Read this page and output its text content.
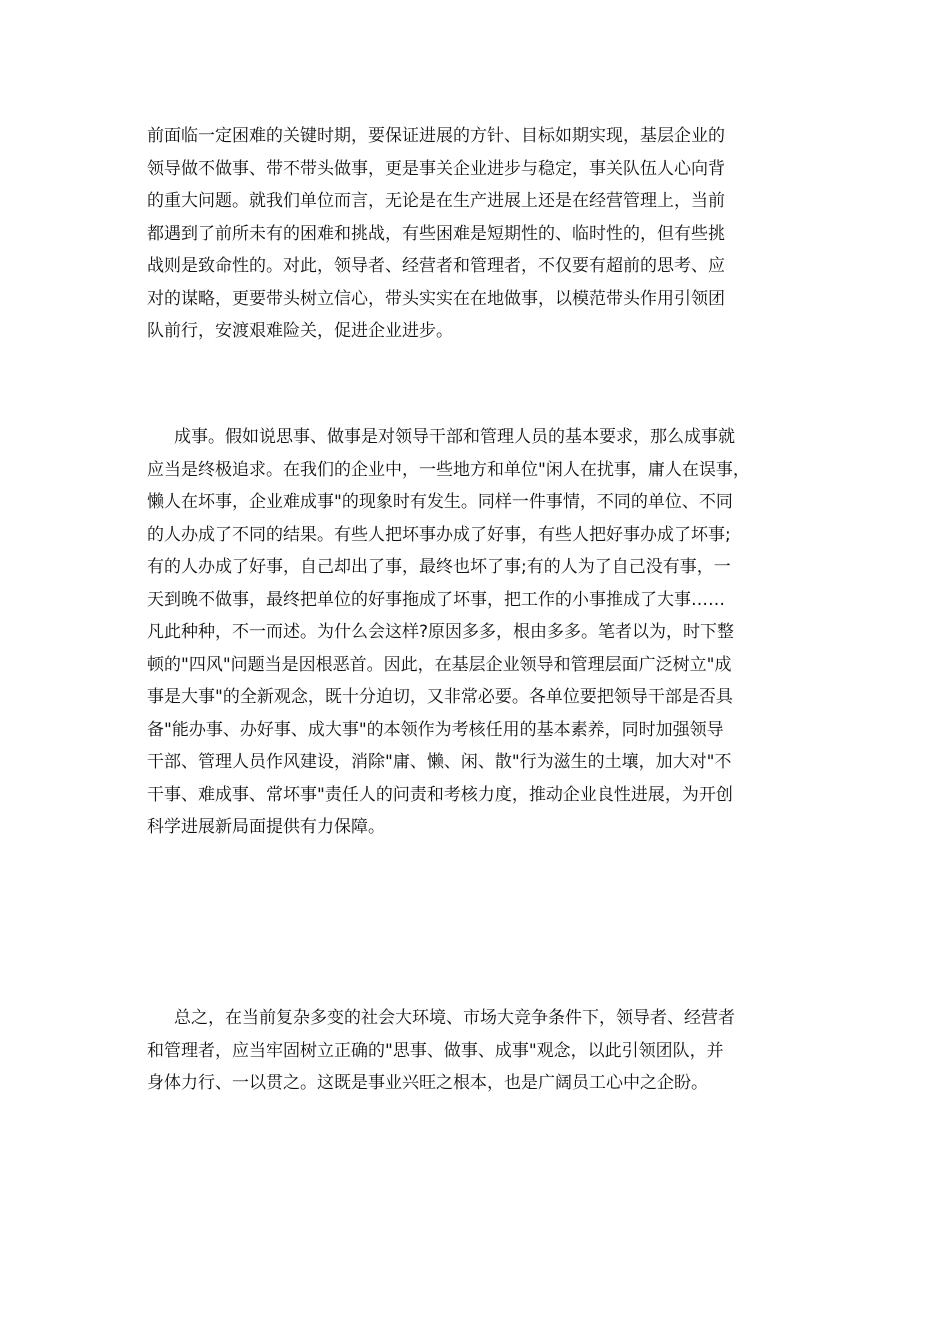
前面临一定困难的关键时期，要保证进展的方针、目标如期实现，基层企业的
领导做不做事、带不带头做事，更是事关企业进步与稳定，事关队伍人心向背
的重大问题。就我们单位而言，无论是在生产进展上还是在经营管理上，当前
都遇到了前所未有的困难和挑战，有些困难是短期性的、临时性的，但有些挑
战则是致命性的。对此，领导者、经营者和管理者，不仅要有超前的思考、应
对的谋略，更要带头树立信心，带头实实在在地做事，以模范带头作用引领团
队前行，安渡艰难险关，促进企业进步。
成事。假如说思事、做事是对领导干部和管理人员的基本要求，那么成事就
应当是终极追求。在我们的企业中，一些地方和单位"闲人在扰事，庸人在误事，
懒人在坏事，企业难成事"的现象时有发生。同样一件事情，不同的单位、不同
的人办成了不同的结果。有些人把坏事办成了好事，有些人把好事办成了坏事;
有的人办成了好事，自己却出了事，最终也坏了事;有的人为了自己没有事，一
天到晚不做事，最终把单位的好事拖成了坏事，把工作的小事推成了大事……
凡此种种，不一而述。为什么会这样?原因多多，根由多多。笔者以为，时下整
顿的"四风"问题当是因根恶首。因此，在基层企业领导和管理层面广泛树立"成
事是大事"的全新观念，既十分迫切，又非常必要。各单位要把领导干部是否具
备"能办事、办好事、成大事"的本领作为考核任用的基本素养，同时加强领导
干部、管理人员作风建设，消除"庸、懒、闲、散"行为滋生的土壤，加大对"不
干事、难成事、常坏事"责任人的问责和考核力度，推动企业良性进展，为开创
科学进展新局面提供有力保障。
总之，在当前复杂多变的社会大环境、市场大竞争条件下，领导者、经营者
和管理者，应当牢固树立正确的"思事、做事、成事"观念，以此引领团队，并
身体力行、一以贯之。这既是事业兴旺之根本，也是广阔员工心中之企盼。
